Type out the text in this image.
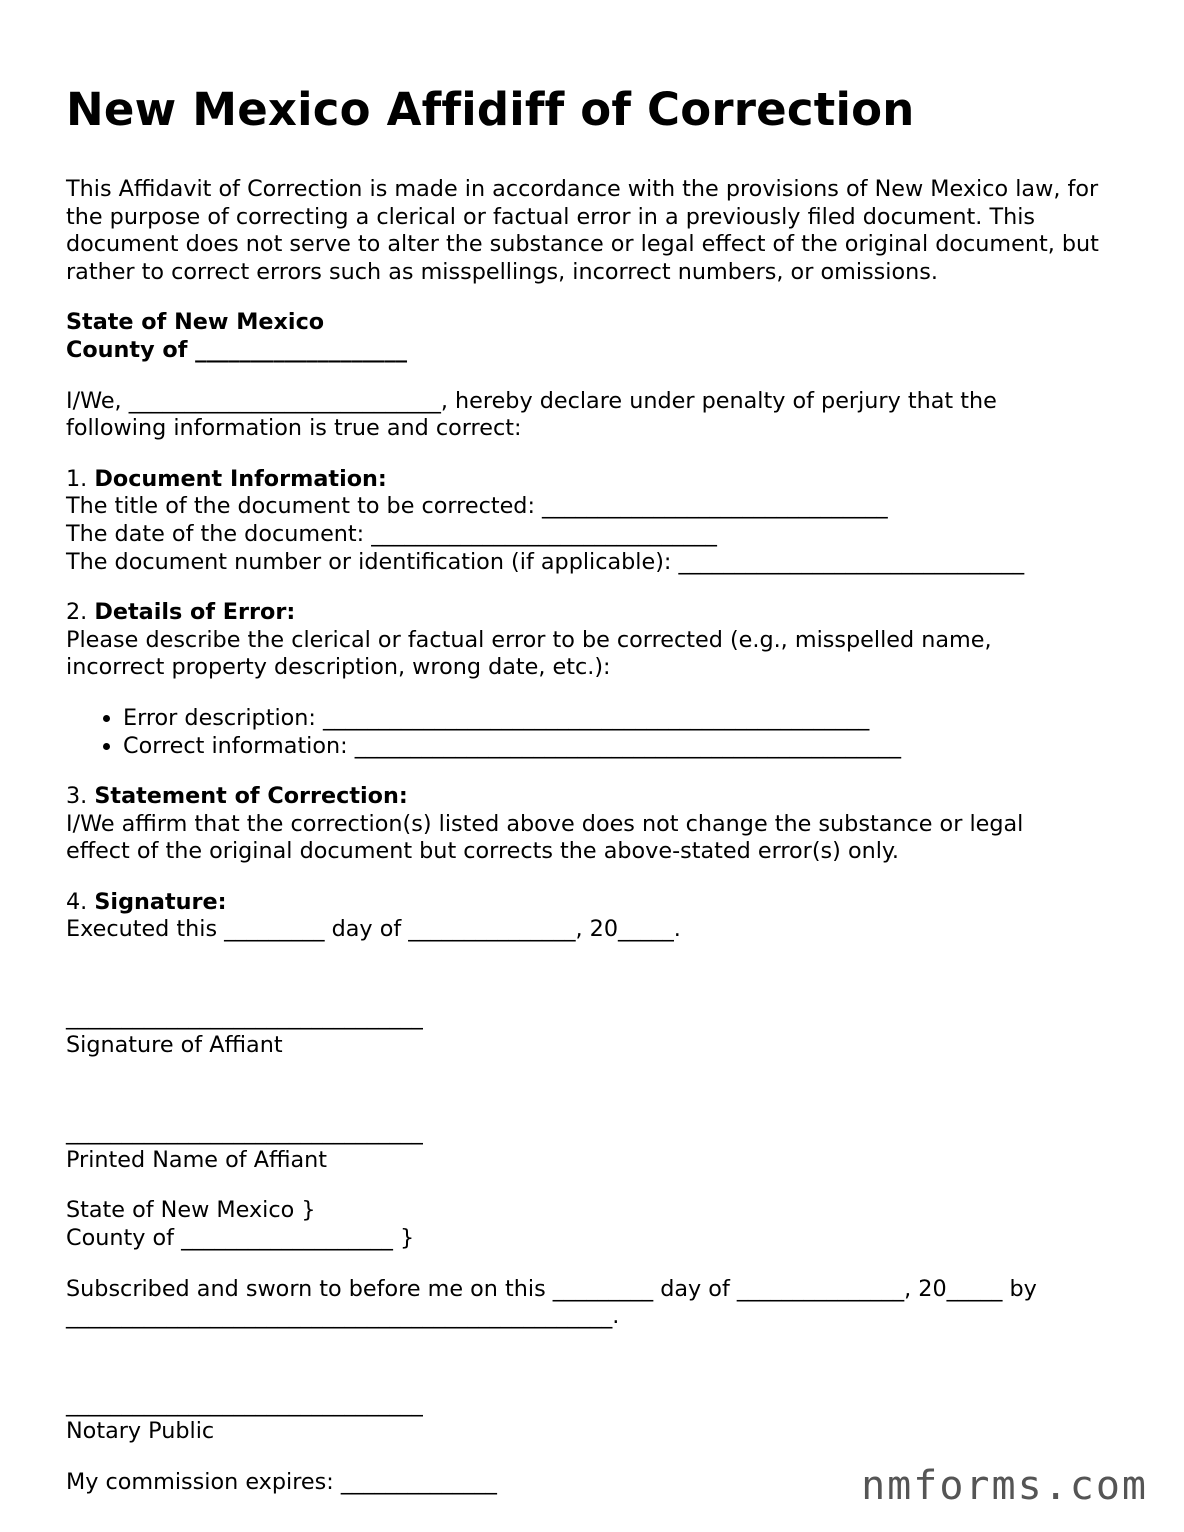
New Mexico Affidiff of Correction

This Affidavit of Correction is made in accordance with the provisions of New Mexico law, for the purpose of correcting a clerical or factual error in a previously filed document. This document does not serve to alter the substance or legal effect of the original document, but rather to correct errors such as misspellings, incorrect numbers, or omissions.

State of New Mexico
County of ___________________

I/We, ____________________________, hereby declare under penalty of perjury that the
following information is true and correct:

1. Document Information:
The title of the document to be corrected: _______________________________
The date of the document: _______________________________
The document number or identification (if applicable): _______________________________

2. Details of Error:
Please describe the clerical or factual error to be corrected (e.g., misspelled name,
incorrect property description, wrong date, etc.):

• Error description: _________________________________________________
• Correct information: _________________________________________________

3. Statement of Correction:
I/We affirm that the correction(s) listed above does not change the substance or legal
effect of the original document but corrects the above-stated error(s) only.

4. Signature:
Executed this _________ day of _______________, 20_____.

________________________________
Signature of Affiant

________________________________
Printed Name of Affiant

State of New Mexico }
County of ___________________ }

Subscribed and sworn to before me on this _________ day of _______________, 20_____ by
_________________________________________________.

________________________________
Notary Public

My commission expires: ______________	nmforms.com
